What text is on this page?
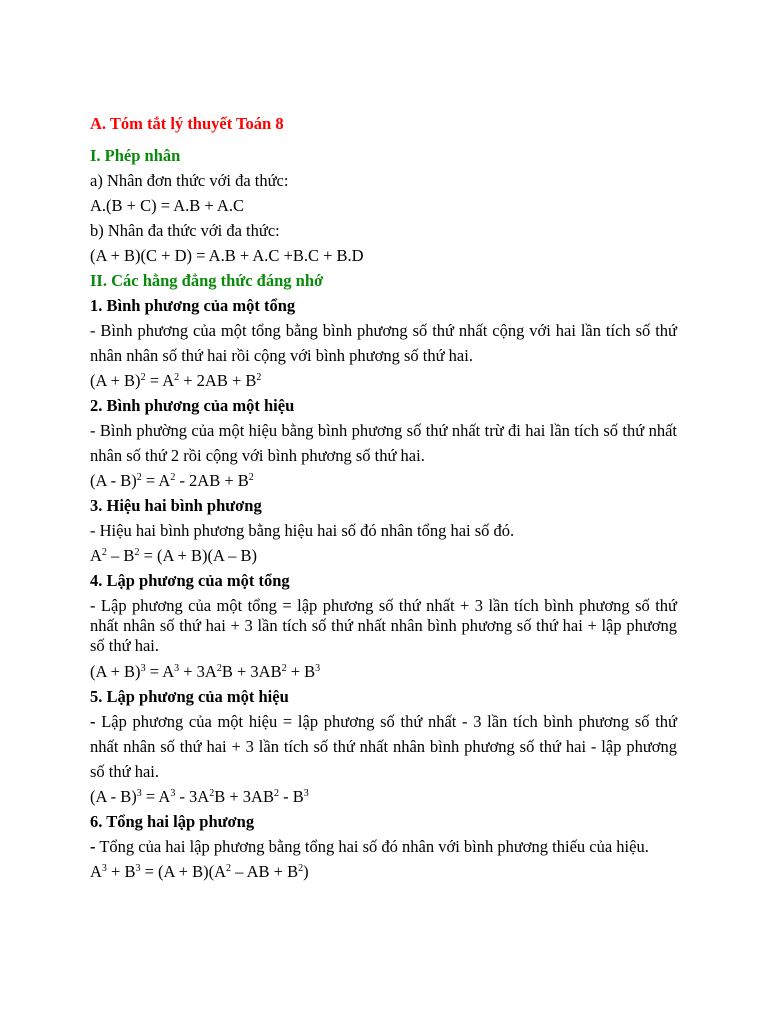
A. Tóm tắt lý thuyết Toán 8
I. Phép nhân
a) Nhân đơn thức với đa thức:
A.(B + C) = A.B + A.C
b) Nhân đa thức với đa thức:
(A + B)(C + D) = A.B + A.C +B.C + B.D
II. Các hằng đẳng thức đáng nhớ
1. Bình phương của một tổng
- Bình phương của một tổng bằng bình phương số thứ nhất cộng với hai lần tích số thứ nhân nhân số thứ hai rồi cộng với bình phương số thứ hai.
$(A + B)^2 = A^2 + 2AB + B^2$
2. Bình phương của một hiệu
- Bình phường của một hiệu bằng bình phương số thứ nhất trừ đi hai lần tích số thứ nhất nhân số thứ 2 rồi cộng với bình phương số thứ hai.
$(A - B)^2 = A^2 - 2AB + B^2$
3. Hiệu hai bình phương
- Hiệu hai bình phương bằng hiệu hai số đó nhân tổng hai số đó.
$A^2 - B^2 = (A + B)(A - B)$
4. Lập phương của một tổng
- Lập phương của một tổng = lập phương số thứ nhất + 3 lần tích bình phương số thứ nhất nhân số thứ hai + 3 lần tích số thứ nhất nhân bình phương số thứ hai + lập phương số thứ hai.
$(A + B)^3 = A^3 + 3A^2B + 3AB^2 + B^3$
5. Lập phương của một hiệu
- Lập phương của một hiệu = lập phương số thứ nhất - 3 lần tích bình phương số thứ nhất nhân số thứ hai + 3 lần tích số thứ nhất nhân bình phương số thứ hai - lập phương số thứ hai.
$(A - B)^3 = A^3 - 3A^2B + 3AB^2 - B^3$
6. Tổng hai lập phương
- Tổng của hai lập phương bằng tổng hai số đó nhân với bình phương thiếu của hiệu.
$A^3 + B^3 = (A + B)(A^2$ – AB + $B^2$)
